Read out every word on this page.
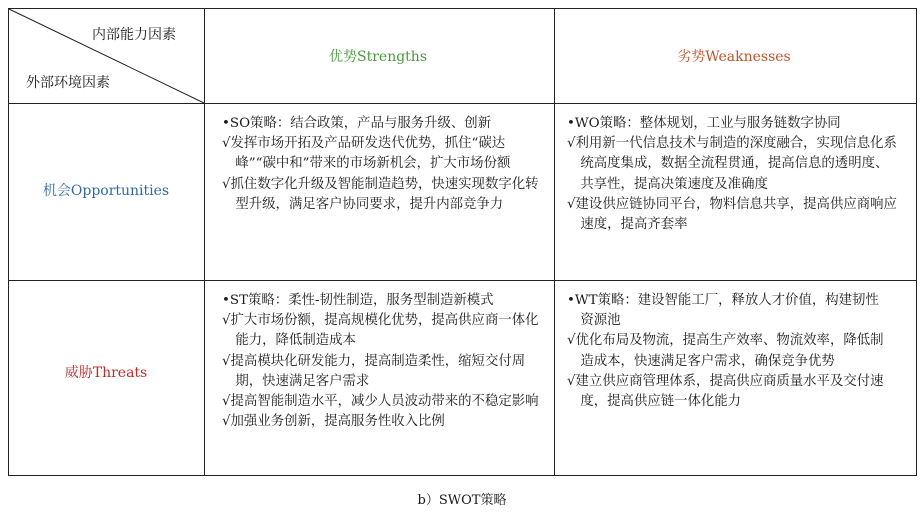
内部能力因素
外部环境因素
优势Strengths	劣势Weaknesses
机会Opportunities
威胁Threats
•SO策略：结合政策，产品与服务升级、创新
√发挥市场开拓及产品研发迭代优势，抓住“碳达峰”“碳中和”带来的市场新机会，扩大市场份额
√抓住数字化升级及智能制造趋势，快速实现数字化转型升级，满足客户协同要求，提升内部竞争力
•WO策略：整体规划，工业与服务链数字协同
√利用新一代信息技术与制造的深度融合，实现信息化系统高度集成，数据全流程贯通，提高信息的透明度、共享性，提高决策速度及准确度
√建设供应链协同平台，物料信息共享，提高供应商响应速度，提高齐套率
•ST策略：柔性-韧性制造，服务型制造新模式
√扩大市场份额，提高规模化优势，提高供应商一体化能力，降低制造成本
√提高模块化研发能力，提高制造柔性，缩短交付周期，快速满足客户需求
√提高智能制造水平，减少人员波动带来的不稳定影响
√加强业务创新，提高服务性收入比例
•WT策略：建设智能工厂，释放人才价值，构建韧性资源池
√优化布局及物流，提高生产效率、物流效率，降低制造成本，快速满足客户需求，确保竞争优势
√建立供应商管理体系，提高供应商质量水平及交付速度，提高供应链一体化能力
b）SWOT策略
